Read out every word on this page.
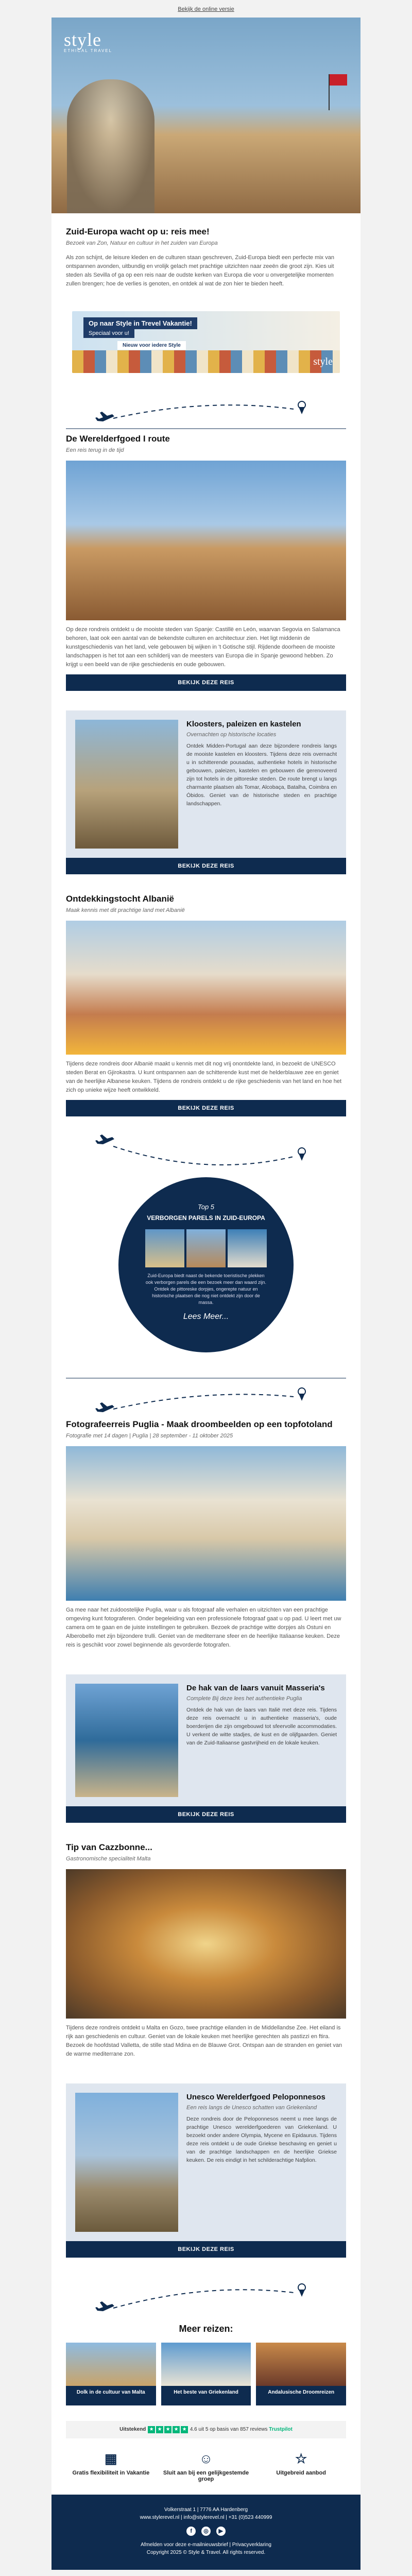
Bekijk de online versie
style
ETHICAL TRAVEL
Zuid-Europa wacht op u: reis mee!
Bezoek van Zon, Natuur en cultuur in het zuiden van Europa

Als zon schijnt, de leisure kleden en de culturen staan geschreven, Zuid-Europa biedt een perfecte mix van ontspannen avonden, uitbundig en vrolijk gelach met prachtige uitzichten naar zeeën die groot zijn. Kies uit steden als Sevilla of ga op een reis naar de oudste kerken van Europa die voor u onvergetelijke momenten zullen brengen; hoe de verlies is genoten, en ontdek al wat de zon hier te bieden heeft.

Op naar Style in Trevel Vakantie!
Speciaal voor u!
Nieuw voor iedere Style
style
De Werelderfgoed I route
Een reis terug in de tijd

Op deze rondreis ontdekt u de mooiste steden van Spanje: Castillë en León, waarvan Segovia en Salamanca behoren, laat ook een aantal van de bekendste culturen en architectuur zien. Het ligt middenin de kunstgeschiedenis van het land, vele gebouwen bij wijken in 't Gotische stijl. Rijdende doorheen de mooiste landschappen is het tot aan een schilderij van de meesters van Europa die in Spanje gewoond hebben. Zo krijgt u een beeld van de rijke geschiedenis en oude gebouwen.

BEKIJK DEZE REIS
Kloosters, paleizen en kastelen
Overnachten op historische locaties

Ontdek Midden-Portugal aan deze bijzondere rondreis langs de mooiste kastelen en kloosters. Tijdens deze reis overnacht u in schitterende pousadas, authentieke hotels in historische gebouwen, paleizen, kastelen en gebouwen die gerenoveerd zijn tot hotels in de pittoreske steden. De route brengt u langs charmante plaatsen als Tomar, Alcobaça, Batalha, Coimbra en Óbidos. Geniet van de historische steden en prachtige landschappen.

BEKIJK DEZE REIS
Ontdekkingstocht Albanië
Maak kennis met dit prachtige land met Albanië

Tijdens deze rondreis door Albanië maakt u kennis met dit nog vrij onontdekte land, in bezoekt de UNESCO steden Berat en Gjirokastra. U kunt ontspannen aan de schitterende kust met de helderblauwe zee en geniet van de heerlijke Albanese keuken. Tijdens de rondreis ontdekt u de rijke geschiedenis van het land en hoe het zich op unieke wijze heeft ontwikkeld.

BEKIJK DEZE REIS
Top 5
VERBORGEN PARELS IN ZUID-EUROPA
Zuid-Europa biedt naast de bekende toeristische plekken ook verborgen parels die een bezoek meer dan waard zijn. Ontdek de pittoreske dorpjes, ongerepte natuur en historische plaatsen die nog niet ontdekt zijn door de massa.
Lees Meer...
Fotografeerreis Puglia - Maak droombeelden op een topfotoland
Fotografie met 14 dagen | Puglia | 28 september - 11 oktober 2025

Ga mee naar het zuidoostelijke Puglia, waar u als fotograaf alle verhalen en uitzichten van een prachtige omgeving kunt fotograferen. Onder begeleiding van een professionele fotograaf gaat u op pad. U leert met uw camera om te gaan en de juiste instellingen te gebruiken. Bezoek de prachtige witte dorpjes als Ostuni en Alberobello met zijn bijzondere trulli. Geniet van de mediterrane sfeer en de heerlijke Italiaanse keuken. Deze reis is geschikt voor zowel beginnende als gevorderde fotografen.

De hak van de laars vanuit Masseria's
Complete Bij deze lees het authentieke Puglia

Ontdek de hak van de laars van Italië met deze reis. Tijdens deze reis overnacht u in authentieke masseria's, oude boerderijen die zijn omgebouwd tot sfeervolle accommodaties. U verkent de witte stadjes, de kust en de olijfgaarden. Geniet van de Zuid-Italiaanse gastvrijheid en de lokale keuken.

BEKIJK DEZE REIS
Tip van Cazzbonne...
Gastronomische specialiteit Malta

Tijdens deze rondreis ontdekt u Malta en Gozo, twee prachtige eilanden in de Middellandse Zee. Het eiland is rijk aan geschiedenis en cultuur. Geniet van de lokale keuken met heerlijke gerechten als pastizzi en ftira. Bezoek de hoofdstad Valletta, de stille stad Mdina en de Blauwe Grot. Ontspan aan de stranden en geniet van de warme mediterrane zon.

Unesco Werelderfgoed Peloponnesos
Een reis langs de Unesco schatten van Griekenland

Deze rondreis door de Peloponnesos neemt u mee langs de prachtige Unesco werelderfgoederen van Griekenland. U bezoekt onder andere Olympia, Mycene en Epidaurus. Tijdens deze reis ontdekt u de oude Griekse beschaving en geniet u van de prachtige landschappen en de heerlijke Griekse keuken. De reis eindigt in het schilderachtige Nafplion.

BEKIJK DEZE REIS
Meer reizen:
Dolk in de cultuur van Malta	Het beste van Griekenland	Andalusische Droomreizen
Uitstekend ★ ★ ★ ★ ★ 4.6 uit 5 op basis van 857 reviews Trustpilot
▦
Gratis flexibiliteit in Vakantie
☺
Sluit aan bij een gelijkgestemde groep
☆
Uitgebreid aanbod
Volkerstraat 1 | 7776 AA Hardenberg
www.stylerevel.nl | info@stylerevel.nl | +31 (0)523 440999
f ◎ ▶
Afmelden voor deze e-mailnieuwsbrief | Privacyverklaring
Copyright 2025 © Style & Travel. All rights reserved.
